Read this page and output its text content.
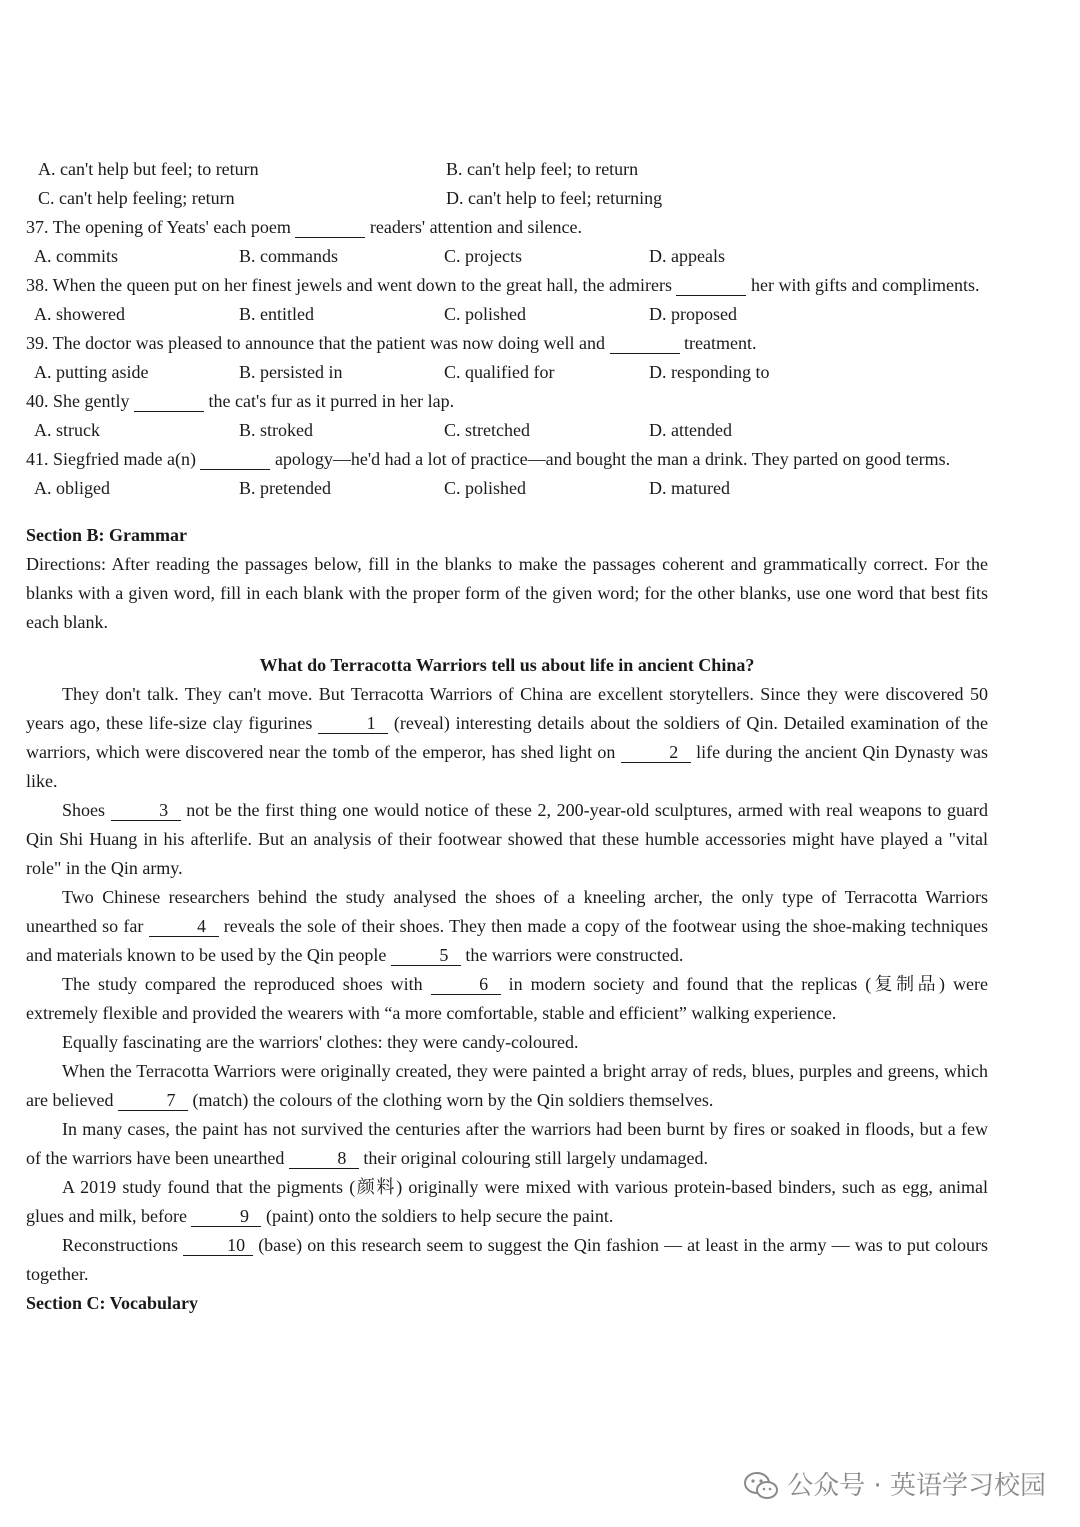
A. can't help but feel; to return	B. can't help feel; to return
C. can't help feeling; return	D. can't help to feel; returning
37. The opening of Yeats' each poem	readers' attention and silence.
A. commits	B. commands	C. projects	D. appeals
38. When the queen put on her finest jewels and went down to the great hall, the admirers	her with gifts and compliments.
A. showered	B. entitled	C. polished	D. proposed
39. The doctor was pleased to announce that the patient was now doing well and	treatment.
A. putting aside	B. persisted in	C. qualified for	D. responding to
40. She gently	the cat's fur as it purred in her lap.
A. struck	B. stroked	C. stretched	D. attended
41. Siegfried made a(n)	apology—he'd had a lot of practice—and bought the man a drink. They parted on good terms.
A. obliged	B. pretended	C. polished	D. matured
Section B: Grammar

Directions: After reading the passages below, fill in the blanks to make the passages coherent and grammatically correct. For the blanks with a given word, fill in each blank with the proper form of the given word; for the other blanks, use one word that best fits each blank.

What do Terracotta Warriors tell us about life in ancient China?

They don't talk. They can't move. But Terracotta Warriors of China are excellent storytellers. Since they were discovered 50 years ago, these life-size clay figurines	1 (reveal) interesting details about the soldiers of Qin. Detailed examination of the warriors, which were discovered near the tomb of the emperor, has shed light on	2 life during the ancient Qin Dynasty was like.

Shoes	3 not be the first thing one would notice of these 2, 200-year-old sculptures, armed with real weapons to guard Qin Shi Huang in his afterlife. But an analysis of their footwear showed that these humble accessories might have played a "vital role" in the Qin army.

Two Chinese researchers behind the study analysed the shoes of a kneeling archer, the only type of Terracotta Warriors unearthed so far	4 reveals the sole of their shoes. They then made a copy of the footwear using the shoe-making techniques and materials known to be used by the Qin people	5 the warriors were constructed.

The study compared the reproduced shoes with	6 in modern society and found that the replicas (复制品) were extremely flexible and provided the wearers with “a more comfortable, stable and efficient” walking experience.

Equally fascinating are the warriors' clothes: they were candy-coloured.

When the Terracotta Warriors were originally created, they were painted a bright array of reds, blues, purples and greens, which are believed	7 (match) the colours of the clothing worn by the Qin soldiers themselves.

In many cases, the paint has not survived the centuries after the warriors had been burnt by fires or soaked in floods, but a few of the warriors have been unearthed	8 their original colouring still largely undamaged.

A 2019 study found that the pigments (颜料) originally were mixed with various protein-based binders, such as egg, animal glues and milk, before	9 (paint) onto the soldiers to help secure the paint.

Reconstructions 10 (base) on this research seem to suggest the Qin fashion — at least in the army — was to put colours together.

Section C: Vocabulary
公众号 · 英语学习校园
